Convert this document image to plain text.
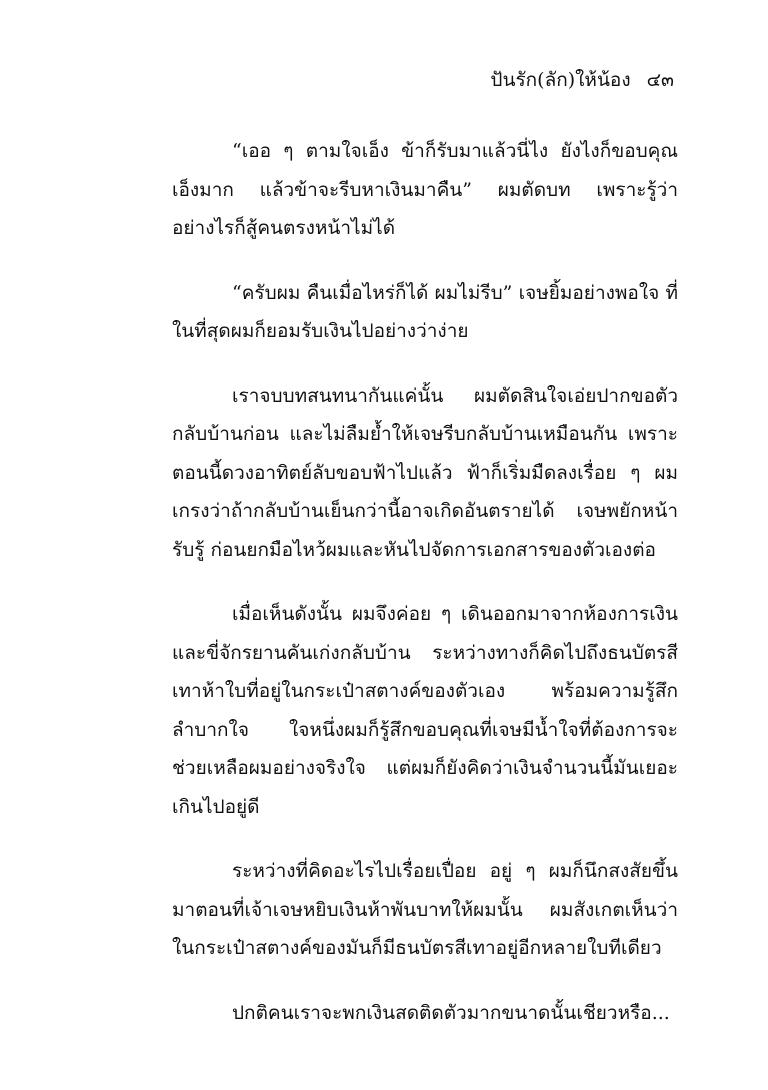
ปันรัก(ลัก)ให้น้อง ๔๓

“เออ ๆ ตามใจเอ็ง ข้าก็รับมาแล้วนี่ไง ยังไงก็ขอบคุณเอ็งมาก แล้วข้าจะรีบหาเงินมาคืน” ผมตัดบท เพราะรู้ว่าอย่างไรก็สู้คนตรงหน้าไม่ได้

“ครับผม คืนเมื่อไหร่ก็ได้ ผมไม่รีบ” เจษยิ้มอย่างพอใจ ที่ในที่สุดผมก็ยอมรับเงินไปอย่างว่าง่าย

เราจบบทสนทนากันแค่นั้น ผมตัดสินใจเอ่ยปากขอตัวกลับบ้านก่อน และไม่ลืมย้ำให้เจษรีบกลับบ้านเหมือนกัน เพราะตอนนี้ดวงอาทิตย์ลับขอบฟ้าไปแล้ว ฟ้าก็เริ่มมืดลงเรื่อย ๆ ผมเกรงว่าถ้ากลับบ้านเย็นกว่านี้อาจเกิดอันตรายได้ เจษพยักหน้ารับรู้ ก่อนยกมือไหว้ผมและหันไปจัดการเอกสารของตัวเองต่อ

เมื่อเห็นดังนั้น ผมจึงค่อย ๆ เดินออกมาจากห้องการเงิน และขี่จักรยานคันเก่งกลับบ้าน ระหว่างทางก็คิดไปถึงธนบัตรสีเทาห้าใบที่อยู่ในกระเป๋าสตางค์ของตัวเอง พร้อมความรู้สึกลำบากใจ ใจหนึ่งผมก็รู้สึกขอบคุณที่เจษมีน้ำใจที่ต้องการจะช่วยเหลือผมอย่างจริงใจ แต่ผมก็ยังคิดว่าเงินจำนวนนี้มันเยอะเกินไปอยู่ดี

ระหว่างที่คิดอะไรไปเรื่อยเปื่อย อยู่ ๆ ผมก็นึกสงสัยขึ้นมาตอนที่เจ้าเจษหยิบเงินห้าพันบาทให้ผมนั้น ผมสังเกตเห็นว่าในกระเป๋าสตางค์ของมันก็มีธนบัตรสีเทาอยู่อีกหลายใบทีเดียว

ปกติคนเราจะพกเงินสดติดตัวมากขนาดนั้นเชียวหรือ...
